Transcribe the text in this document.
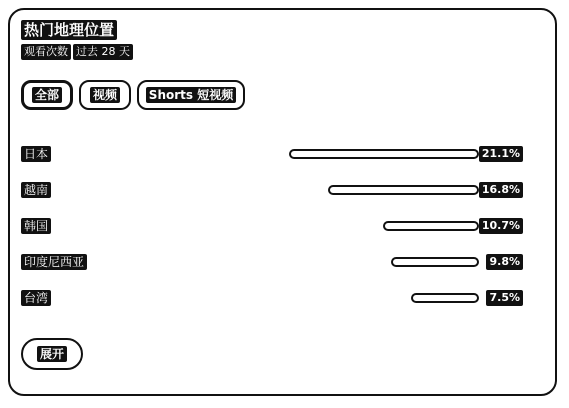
热门地理位置
观看次数 过去 28 天
全部	视频	Shorts 短视频
日本	21.1%
越南	16.8%
韩国	10.7%
印度尼西亚	9.8%
台湾	7.5%
展开
